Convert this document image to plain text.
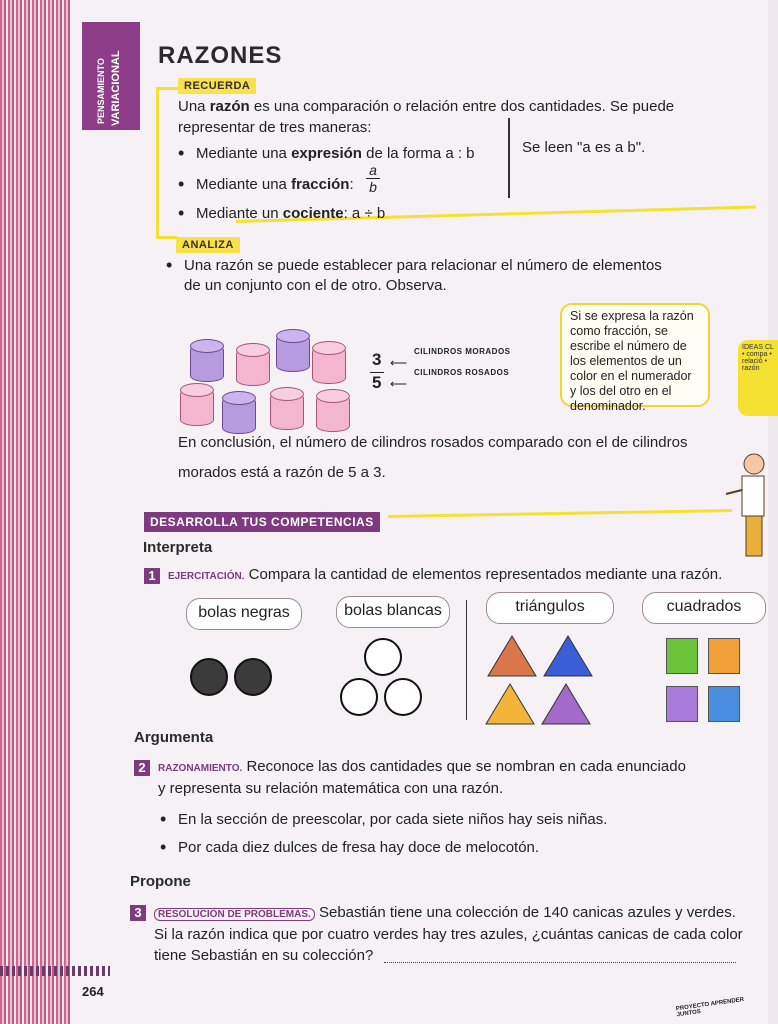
PENSAMIENTO VARIACIONAL RAZONES
RECUERDA
Una razón es una comparación o relación entre dos cantidades. Se puede
representar de tres maneras:
• Mediante una expresión de la forma a : b
• Mediante una fracción: $\frac{a}{b}$
• Mediante un cociente: a ÷ b
Se leen "a es a b".
ANALIZA
• Una razón se puede establecer para relacionar el número de elementos
de un conjunto con el de otro. Observa.
3
5
⟵
⟵
CILINDROS MORADOS
CILINDROS ROSADOS
Si se expresa la razón como fracción, se escribe el número de los elementos de un color en el numerador y los del otro en el denominador.
IDEAS CL • compa • relació • razón
En conclusión, el número de cilindros rosados comparado con el de cilindros
morados está a razón de 5 a 3.
DESARROLLA TUS COMPETENCIAS
Interpreta
1	EJERCITACIÓN. Compara la cantidad de elementos representados mediante una razón.
bolas negras	bolas blancas	triángulos	cuadrados
Argumenta
2	RAZONAMIENTO. Reconoce las dos cantidades que se nombran en cada enunciado
y representa su relación matemática con una razón.
• En la sección de preescolar, por cada siete niños hay seis niñas.
• Por cada diez dulces de fresa hay doce de melocotón.
Propone
3	RESOLUCIÓN DE PROBLEMAS. Sebastián tiene una colección de 140 canicas azules y verdes.
Si la razón indica que por cuatro verdes hay tres azules, ¿cuántas canicas de cada color
tiene Sebastián en su colección?
264
PROYECTO APRENDER JUNTOS
